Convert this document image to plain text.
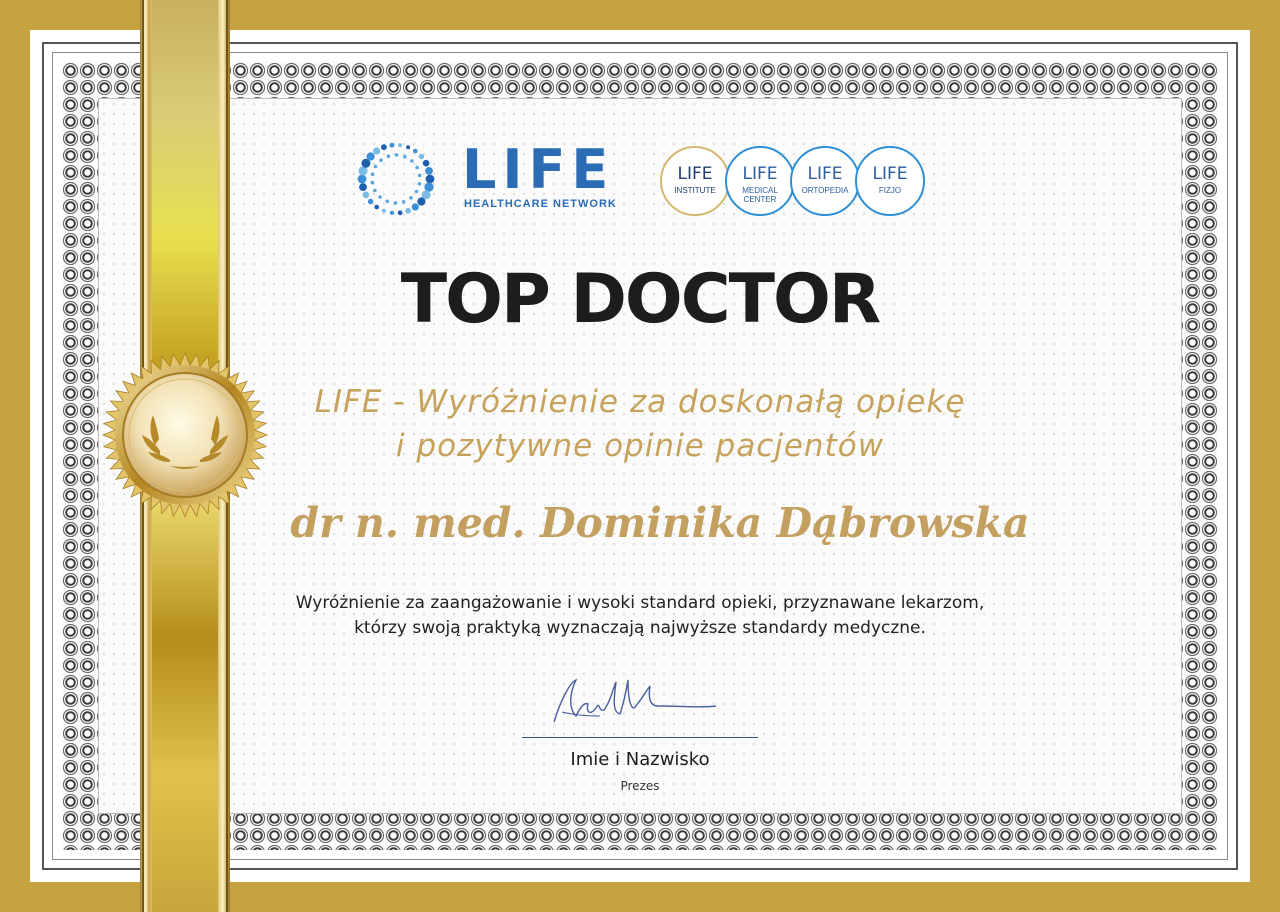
LIFE
HEALTHCARE NETWORK
LIFE
INSTITUTE
LIFE
MEDICAL CENTER
LIFE
ORTOPEDIA
LIFE
FIZJO
TOP DOCTOR
LIFE - Wyróżnienie za doskonałą opiekę
i pozytywne opinie pacjentów
dr n. med. Dominika Dąbrowska
Wyróżnienie za zaangażowanie i wysoki standard opieki, przyznawane lekarzom,
którzy swoją praktyką wyznaczają najwyższe standardy medyczne.
Imie i Nazwisko
Prezes
